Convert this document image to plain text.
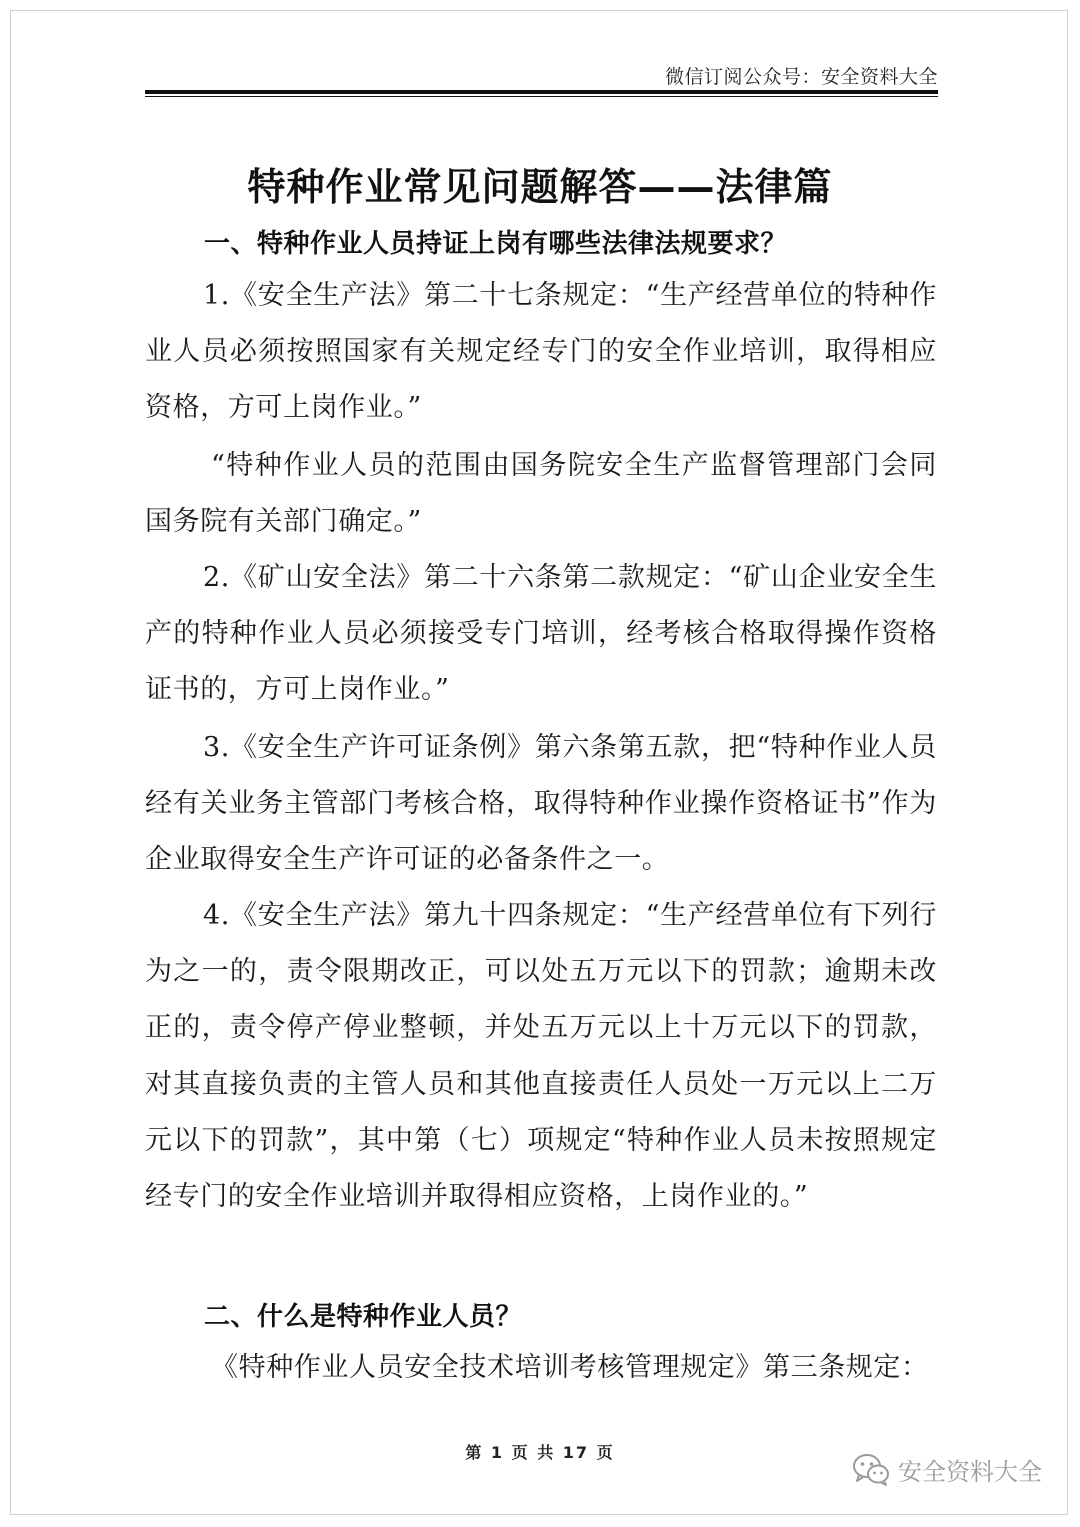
微信订阅公众号：安全资料大全
特种作业常见问题解答——法律篇
一、特种作业人员持证上岗有哪些法律法规要求？

1.《安全生产法》第二十七条规定：“生产经营单位的特种作业人员必须按照国家有关规定经专门的安全作业培训，取得相应资格，方可上岗作业。”

“特种作业人员的范围由国务院安全生产监督管理部门会同国务院有关部门确定。”

2.《矿山安全法》第二十六条第二款规定：“矿山企业安全生产的特种作业人员必须接受专门培训，经考核合格取得操作资格证书的，方可上岗作业。”

3.《安全生产许可证条例》第六条第五款，把“特种作业人员经有关业务主管部门考核合格，取得特种作业操作资格证书”作为企业取得安全生产许可证的必备条件之一。

4.《安全生产法》第九十四条规定：“生产经营单位有下列行为之一的，责令限期改正，可以处五万元以下的罚款；逾期未改正的，责令停产停业整顿，并处五万元以上十万元以下的罚款，对其直接负责的主管人员和其他直接责任人员处一万元以上二万元以下的罚款”，其中第（七）项规定“特种作业人员未按照规定经专门的安全作业培训并取得相应资格，上岗作业的。”

二、什么是特种作业人员？

《特种作业人员安全技术培训考核管理规定》第三条规定：

第 1 页 共 17 页
安全资料大全
